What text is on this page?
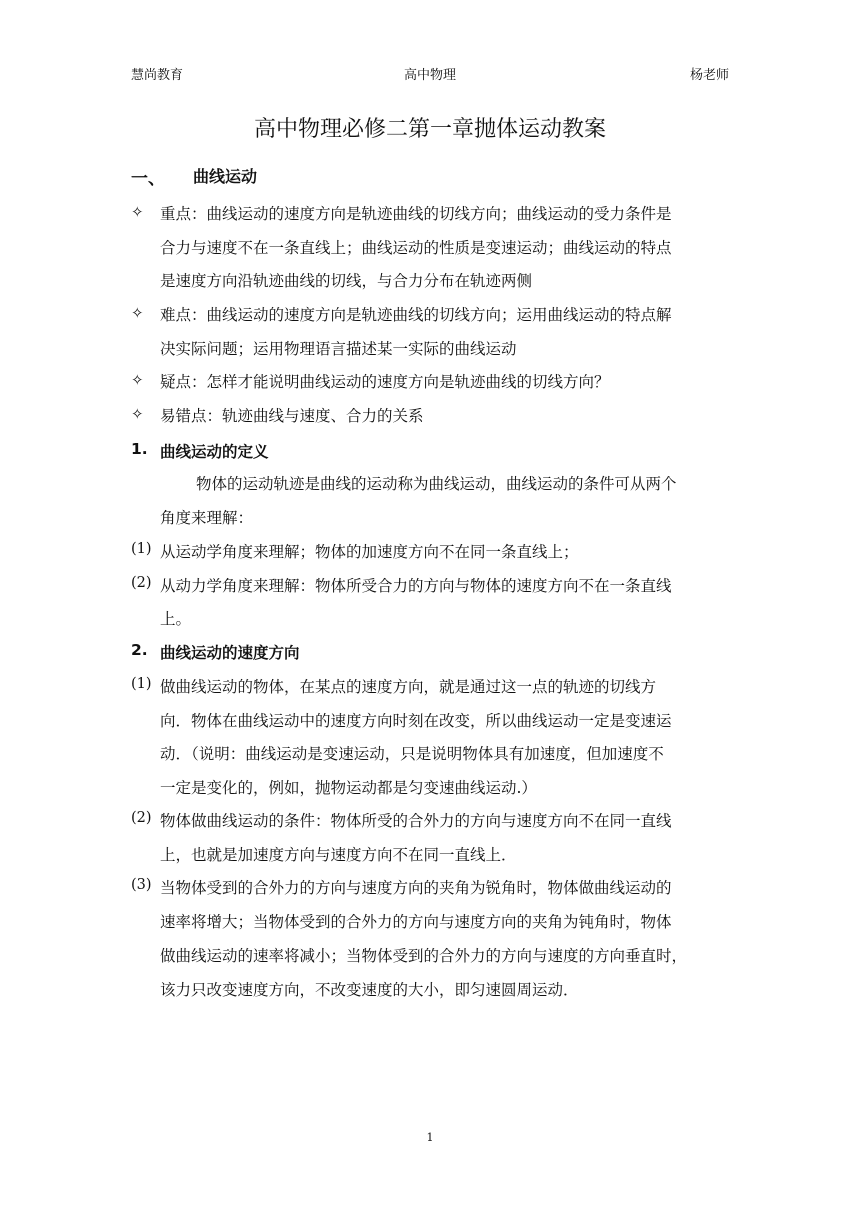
慧尚教育	高中物理	杨老师
高中物理必修二第一章抛体运动教案
一、 曲线运动
✧ 重点：曲线运动的速度方向是轨迹曲线的切线方向；曲线运动的受力条件是
合力与速度不在一条直线上；曲线运动的性质是变速运动；曲线运动的特点
是速度方向沿轨迹曲线的切线，与合力分布在轨迹两侧
✧ 难点：曲线运动的速度方向是轨迹曲线的切线方向；运用曲线运动的特点解
决实际问题；运用物理语言描述某一实际的曲线运动
✧ 疑点：怎样才能说明曲线运动的速度方向是轨迹曲线的切线方向？
✧ 易错点：轨迹曲线与速度、合力的关系
1. 曲线运动的定义
物体的运动轨迹是曲线的运动称为曲线运动，曲线运动的条件可从两个
角度来理解：
(1) 从运动学角度来理解；物体的加速度方向不在同一条直线上；
(2) 从动力学角度来理解：物体所受合力的方向与物体的速度方向不在一条直线
上。
2. 曲线运动的速度方向
(1) 做曲线运动的物体，在某点的速度方向，就是通过这一点的轨迹的切线方
向．物体在曲线运动中的速度方向时刻在改变，所以曲线运动一定是变速运
动．（说明：曲线运动是变速运动，只是说明物体具有加速度，但加速度不
一定是变化的，例如，抛物运动都是匀变速曲线运动.）
(2) 物体做曲线运动的条件：物体所受的合外力的方向与速度方向不在同一直线
上，也就是加速度方向与速度方向不在同一直线上．
(3) 当物体受到的合外力的方向与速度方向的夹角为锐角时，物体做曲线运动的
速率将增大；当物体受到的合外力的方向与速度方向的夹角为钝角时，物体
做曲线运动的速率将减小；当物体受到的合外力的方向与速度的方向垂直时，
该力只改变速度方向，不改变速度的大小，即匀速圆周运动．
1
